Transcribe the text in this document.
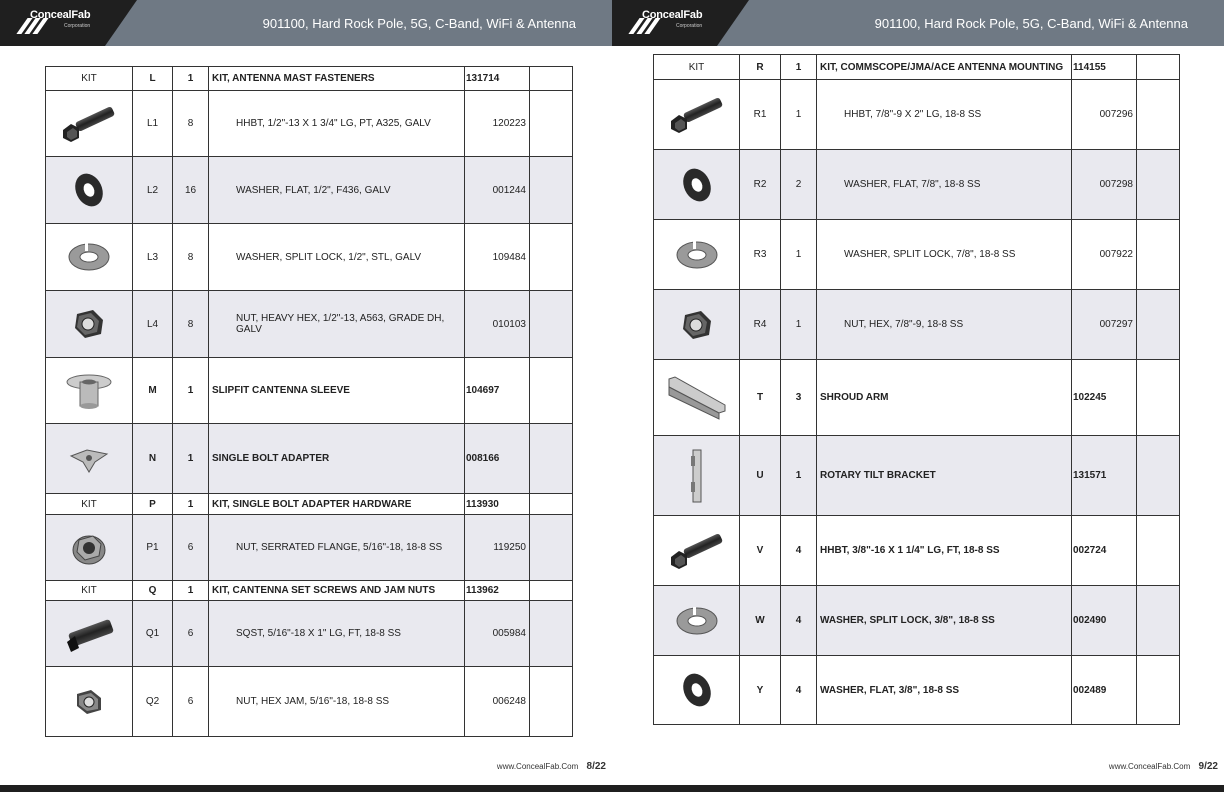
ConcealFab
Corporation	901100, Hard Rock Pole, 5G, C-Band, WiFi & Antenna
KIT	L	1	KIT, ANTENNA MAST FASTENERS	131714	

	L1	8	HHBT, 1/2"-13 X 1 3/4" LG, PT, A325, GALV	120223	

	L2	16	WASHER, FLAT, 1/2", F436, GALV	001244	

	L3	8	WASHER, SPLIT LOCK, 1/2", STL, GALV	109484	

	L4	8	NUT, HEAVY HEX, 1/2"-13, A563, GRADE DH, GALV	010103	

	M	1	SLIPFIT CANTENNA SLEEVE	104697	

	N	1	SINGLE BOLT ADAPTER	008166	
KIT	P	1	KIT, SINGLE BOLT ADAPTER HARDWARE	113930	

	P1	6	NUT, SERRATED FLANGE, 5/16"-18, 18-8 SS	119250	
KIT	Q	1	KIT, CANTENNA SET SCREWS AND JAM NUTS	113962	

	Q1	6	SQST, 5/16"-18 X 1" LG, FT, 18-8 SS	005984	

	Q2	6	NUT, HEX JAM, 5/16"-18, 18-8 SS	006248	
www.ConcealFab.Com 8/22
ConcealFab
Corporation	901100, Hard Rock Pole, 5G, C-Band, WiFi & Antenna
KIT	R	1	KIT, COMMSCOPE/JMA/ACE ANTENNA MOUNTING	114155	

	R1	1	HHBT, 7/8"-9 X 2" LG, 18-8 SS	007296	

	R2	2	WASHER, FLAT, 7/8", 18-8 SS	007298	

	R3	1	WASHER, SPLIT LOCK, 7/8", 18-8 SS	007922	

	R4	1	NUT, HEX, 7/8"-9, 18-8 SS	007297	

	T	3	SHROUD ARM	102245	

	U	1	ROTARY TILT BRACKET	131571	

	V	4	HHBT, 3/8"-16 X 1 1/4" LG, FT, 18-8 SS	002724	

	W	4	WASHER, SPLIT LOCK, 3/8", 18-8 SS	002490	

	Y	4	WASHER, FLAT, 3/8", 18-8 SS	002489	
www.ConcealFab.Com 9/22
